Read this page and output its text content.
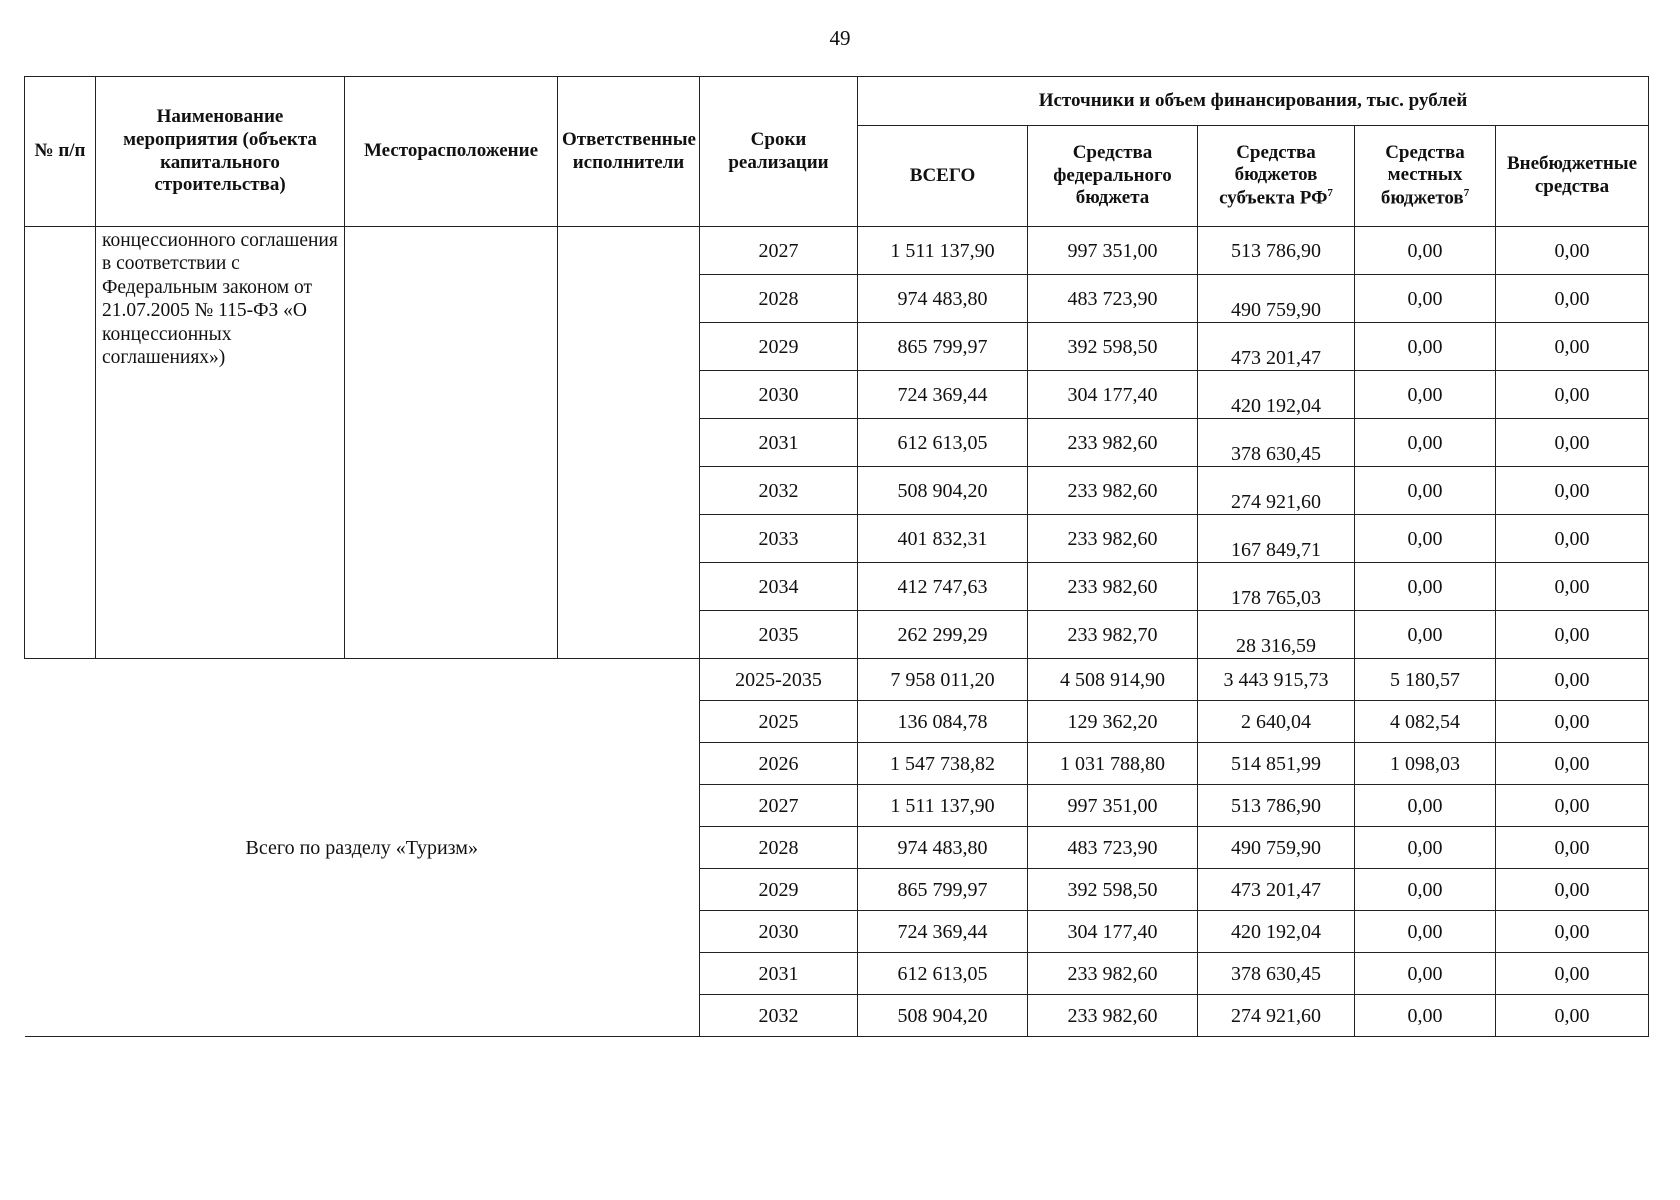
49
№ п/п	Наименование мероприятия (объекта капитального строительства)	Месторасположение	Ответственные исполнители	Сроки реализации	Источники и объем финансирования, тыс. рублей				
					ВСЕГО	Средства федерального бюджета	Средства бюджетов субъекта $РФ^7$	Средства местных бюджетов$^7$	Внебюджетные средства
	концессионного соглашения в соответствии с Федеральным законом от 21.07.2005 № 115-ФЗ «О концессионных соглашениях»)			2027	1 511 137,90	997 351,00	513 786,90	0,00	0,00
				2028	974 483,80	483 723,90	490 759,90	0,00	0,00
				2029	865 799,97	392 598,50	473 201,47	0,00	0,00
				2030	724 369,44	304 177,40	420 192,04	0,00	0,00
				2031	612 613,05	233 982,60	378 630,45	0,00	0,00
				2032	508 904,20	233 982,60	274 921,60	0,00	0,00
				2033	401 832,31	233 982,60	167 849,71	0,00	0,00
				2034	412 747,63	233 982,60	178 765,03	0,00	0,00
				2035	262 299,29	233 982,70	28 316,59	0,00	0,00
Всего по разделу «Туризм»				2025-2035	7 958 011,20	4 508 914,90	3 443 915,73	5 180,57	0,00
				2025	136 084,78	129 362,20	2 640,04	4 082,54	0,00
				2026	1 547 738,82	1 031 788,80	514 851,99	1 098,03	0,00
				2027	1 511 137,90	997 351,00	513 786,90	0,00	0,00
				2028	974 483,80	483 723,90	490 759,90	0,00	0,00
				2029	865 799,97	392 598,50	473 201,47	0,00	0,00
				2030	724 369,44	304 177,40	420 192,04	0,00	0,00
				2031	612 613,05	233 982,60	378 630,45	0,00	0,00
				2032	508 904,20	233 982,60	274 921,60	0,00	0,00
